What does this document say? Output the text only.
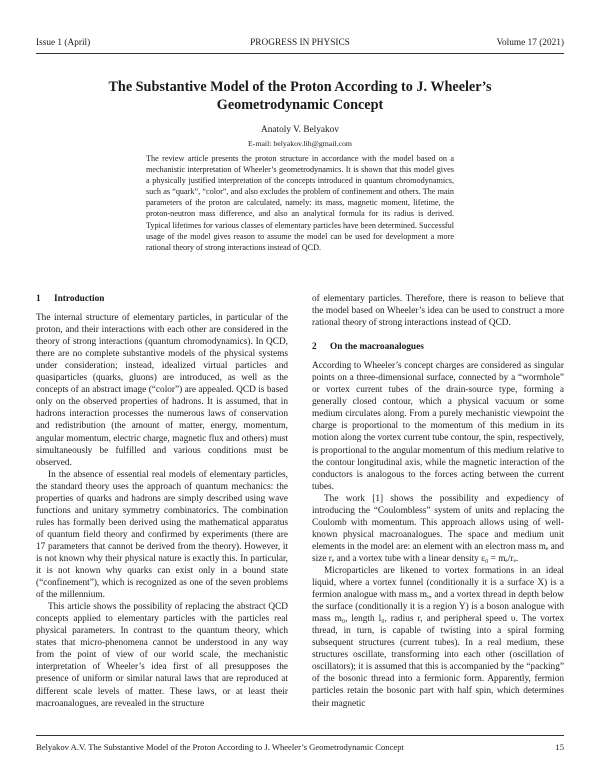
Issue 1 (April)	PROGRESS IN PHYSICS	Volume 17 (2021)
The Substantive Model of the Proton According to J. Wheeler’s Geometrodynamic Concept
Anatoly V. Belyakov
E-mail: belyakov.lih@gmail.com
The review article presents the proton structure in accordance with the model based on a mechanistic interpretation of Wheeler’s geometrodynamics. It is shown that this model gives a physically justified interpretation of the concepts introduced in quantum chromodynamics, such as “quark”, “color”, and also excludes the problem of confinement and others. The main parameters of the proton are calculated, namely: its mass, magnetic moment, lifetime, the proton-neutron mass difference, and also an analytical formula for its radius is derived. Typical lifetimes for various classes of elementary particles have been determined. Successful usage of the model gives reason to assume the model can be used for development a more rational theory of strong interactions instead of QCD.
1 Introduction

The internal structure of elementary particles, in particular of the proton, and their interactions with each other are considered in the theory of strong interactions (quantum chromodynamics). In QCD, there are no complete substantive models of the physical systems under consideration; instead, idealized virtual particles and quasiparticles (quarks, gluons) are introduced, as well as the concepts of an abstract image (“color”) are appealed. QCD is based only on the observed properties of hadrons. It is assumed, that in hadrons interaction processes the numerous laws of conservation and redistribution (the amount of matter, energy, momentum, angular momentum, electric charge, magnetic flux and others) must simultaneously be fulfilled and various conditions must be observed.

In the absence of essential real models of elementary particles, the standard theory uses the approach of quantum mechanics: the properties of quarks and hadrons are simply described using wave functions and unitary symmetry combinatorics. The combination rules has formally been derived using the mathematical apparatus of quantum field theory and confirmed by experiments (there are 17 parameters that cannot be derived from the theory). However, it is not known why their physical nature is exactly this. In particular, it is not known why quarks can exist only in a bound state (“confinement”), which is recognized as one of the seven problems of the millennium.

This article shows the possibility of replacing the abstract QCD concepts applied to elementary particles with the particles real physical parameters. In contrast to the quantum theory, which states that micro-phenomena cannot be understood in any way from the point of view of our world scale, the mechanistic interpretation of Wheeler’s idea first of all presupposes the presence of uniform or similar natural laws that are reproduced at different scale levels of matter. These laws, or at least their macroanalogues, are revealed in the structure

of elementary particles. Therefore, there is reason to believe that the model based on Wheeler’s idea can be used to construct a more rational theory of strong interactions instead of QCD.

2 On the macroanalogues

According to Wheeler’s concept charges are considered as singular points on a three-dimensional surface, connected by a “wormhole” or vortex current tubes of the drain-source type, forming a generally closed contour, which a physical vacuum or some medium circulates along. From a purely mechanistic viewpoint the charge is proportional to the momentum of this medium in its motion along the vortex current tube contour, the spin, respectively, is proportional to the angular momentum of this medium relative to the contour longitudinal axis, while the magnetic interaction of the conductors is analogous to the forces acting between the current tubes.

The work [1] shows the possibility and expediency of introducing the “Coulombless” system of units and replacing the Coulomb with momentum. This approach allows using of well-known physical macroanalogues. The space and medium unit elements in the model are: an element with an electron mass mₑ and size rₑ and a vortex tube with a linear density ε₀ = mₑ/rₑ.

Microparticles are likened to vortex formations in an ideal liquid, where a vortex funnel (conditionally it is a surface X) is a fermion analogue with mass mₒ, and a vortex thread in depth below the surface (conditionally it is a region Y) is a boson analogue with mass m₀, length l₀, radius r, and peripheral speed υ. The vortex thread, in turn, is capable of twisting into a spiral forming subsequent structures (current tubes). In a real medium, these structures oscillate, transforming into each other (oscillation of oscillators); it is assumed that this is accompanied by the “packing” of the bosonic thread into a fermionic form. Apparently, fermion particles retain the bosonic part with half spin, which determines their magnetic

Belyakov A.V. The Substantive Model of the Proton According to J. Wheeler’s Geometrodynamic Concept	15
